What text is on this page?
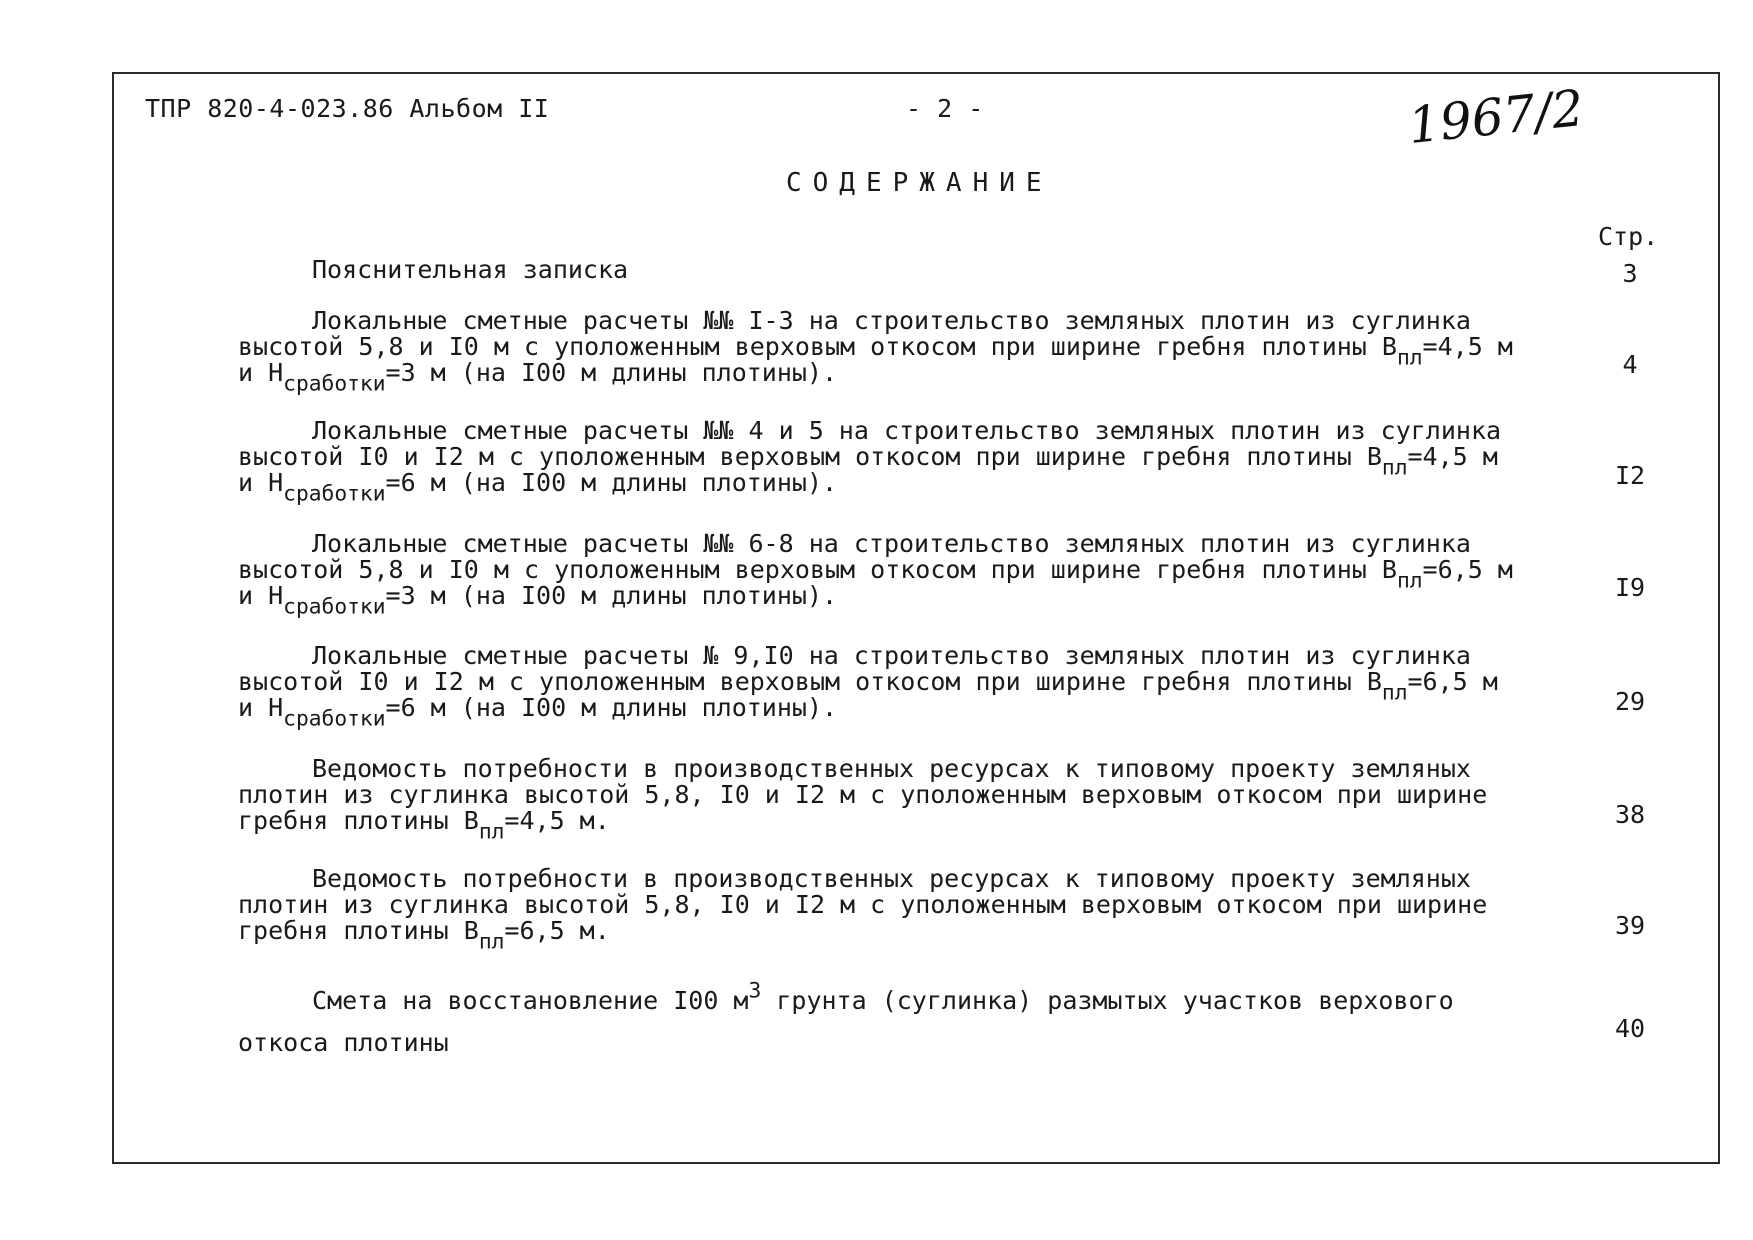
ТПР 820-4-023.86 Альбом II	- 2 -	1967/2
СОДЕРЖАНИЕ
Стр.
Пояснительная записка	3
Локальные сметные расчеты №№ I-3 на строительство земляных плотин из суглинка
высотой 5,8 и I0 м с уположенным верховым откосом при ширине гребня плотины $В_{пл}=4,5$ м
и $Н_{сработки}=3$ м (на I00 м длины плотины).	4
Локальные сметные расчеты №№ 4 и 5 на строительство земляных плотин из суглинка
высотой I0 и I2 м с уположенным верховым откосом при ширине гребня плотины $В_{пл}=4,5$ м
и $Н_{сработки}=6$ м (на I00 м длины плотины).	I2
Локальные сметные расчеты №№ 6-8 на строительство земляных плотин из суглинка
высотой 5,8 и I0 м с уположенным верховым откосом при ширине гребня плотины $В_{пл}=6,5$ м
и $Н_{сработки}=3$ м (на I00 м длины плотины).	I9
Локальные сметные расчеты № 9,I0 на строительство земляных плотин из суглинка
высотой I0 и I2 м с уположенным верховым откосом при ширине гребня плотины $В_{пл}=6,5$ м
и $Н_{сработки}=6$ м (на I00 м длины плотины).	29
Ведомость потребности в производственных ресурсах к типовому проекту земляных
плотин из суглинка высотой 5,8, I0 и I2 м с уположенным верховым откосом при ширине
гребня плотины $В_{пл}=4,5$ м.	38
Ведомость потребности в производственных ресурсах к типовому проекту земляных
плотин из суглинка высотой 5,8, I0 и I2 м с уположенным верховым откосом при ширине
гребня плотины $В_{пл}=6,5$ м.	39
Смета на восстановление I00 $м^3$ грунта (суглинка) размытых участков верхового
откоса плотины	40
